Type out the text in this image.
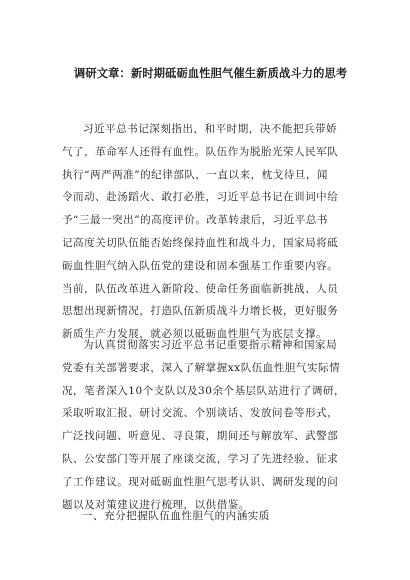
调研文章：新时期砥砺血性胆气催生新质战斗力的思考
习近平总书记深刻指出，和平时期，决不能把兵带娇
气了，革命军人还得有血性。队伍作为脱胎光荣人民军队
执行“两严两准”的纪律部队，一直以来，枕戈待旦，闻
令而动、赴汤蹈火、敢打必胜，习近平总书记在训词中给
予“三最一突出”的高度评价。改革转隶后，习近平总书
记高度关切队伍能否始终保持血性和战斗力，国家局将砥
砺血性胆气纳入队伍党的建设和固本强基工作重要内容。
当前，队伍改革进入新阶段、使命任务面临新挑战、人员
思想出现新情况，打造队伍新质战斗力增长极，更好服务
新质生产力发展，就必须以砥砺血性胆气为底层支撑。
为认真贯彻落实习近平总书记重要指示精神和国家局
党委有关部署要求，深入了解掌握xx队伍血性胆气实际情
况，笔者深入10个支队以及30余个基层队站进行了调研，
采取听取汇报、研讨交流、个别谈话、发放问卷等形式，
广泛找问题、听意见、寻良策，期间还与解放军、武警部
队、公安部门等开展了座谈交流，学习了先进经验、征求
了工作建议。现对砥砺血性胆气思考认识、调研发现的问
题以及对策建议进行梳理，以供借鉴。
一、充分把握队伍血性胆气的内涵实质
